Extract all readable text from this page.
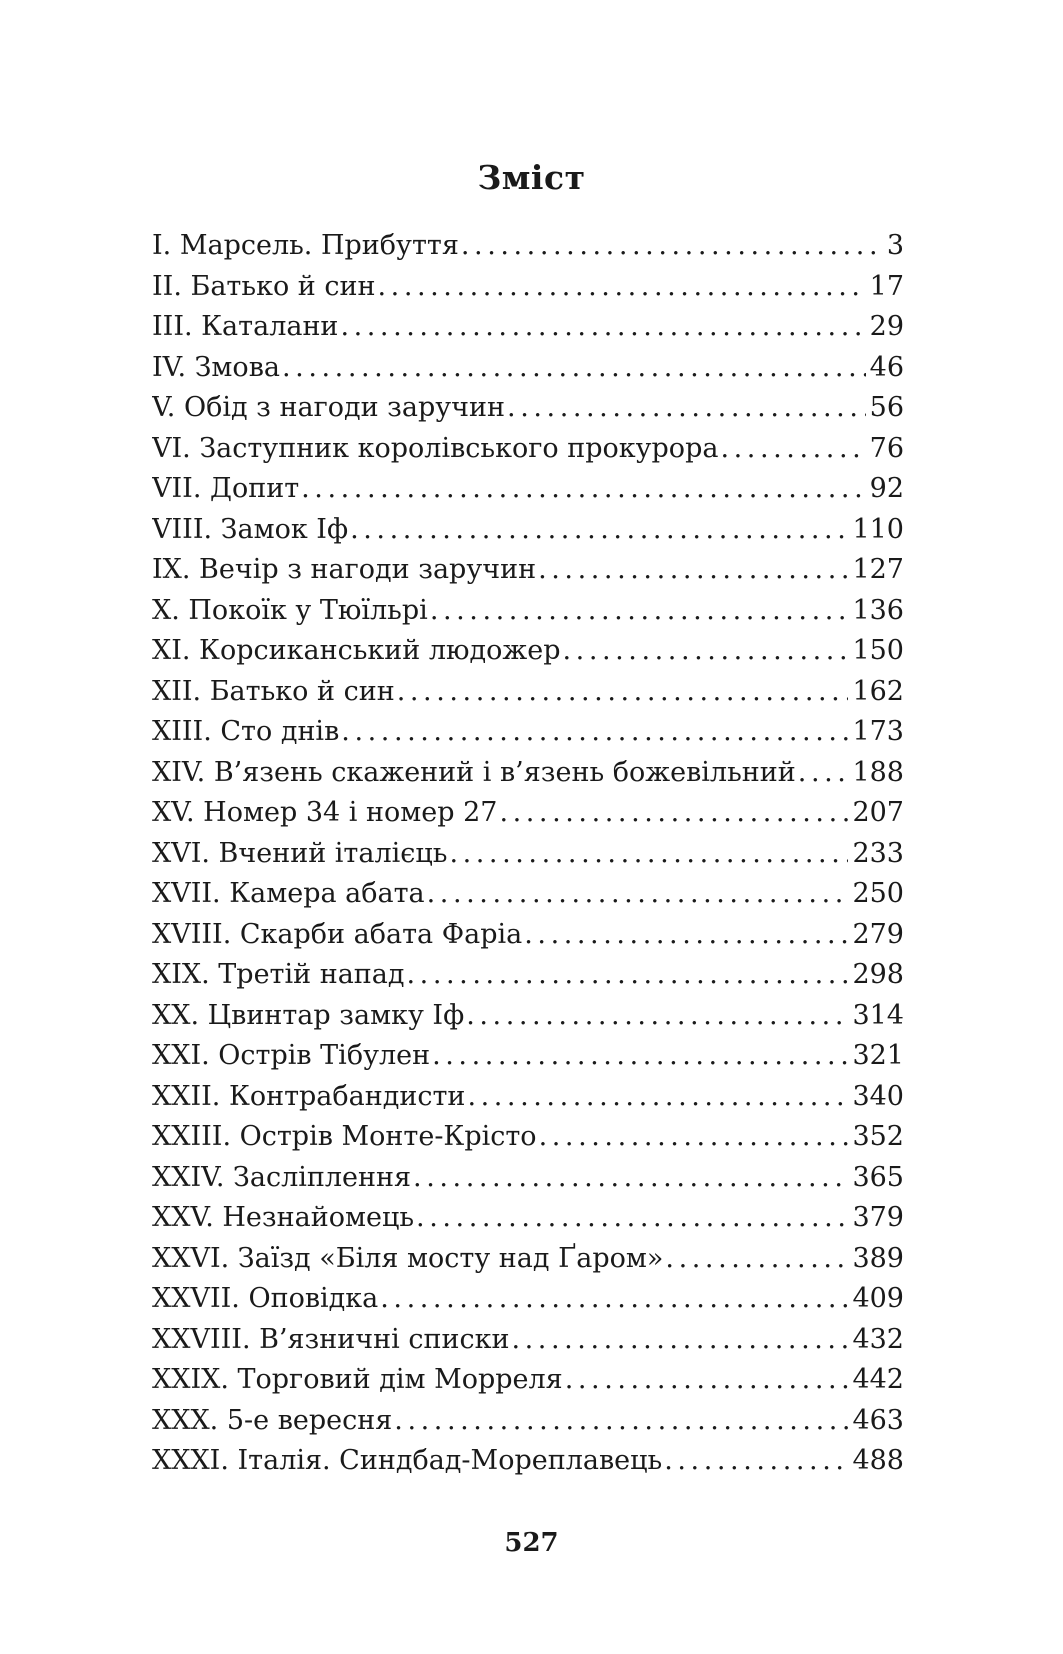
Зміст
I. Марсель. Прибуття . . .	3
II. Батько й син . . .	17
III. Каталани . . .	29
IV. Змова . . .	46
V. Обід з нагоди заручин . . .	56
VI. Заступник королівського прокурора . . .	76
VII. Допит . . .	92
VIII. Замок Іф . . .	110
IX. Вечір з нагоди заручин . . .	127
X. Покоїк у Тюїльрі . . .	136
XI. Корсиканський людожер . . .	150
XII. Батько й син . . .	162
XIII. Сто днів . . .	173
XIV. В’язень скажений і в’язень божевільний . . . 188
XV. Номер 34 і номер 27 . . .	207
XVI. Вчений італієць . . .	233
XVII. Камера абата . . .	250
XVIII. Скарби абата Фаріа . . .	279
XIX. Третій напад . . .	298
XX. Цвинтар замку Іф . . .	314
XXI. Острів Тібулен . . .	321
XXII. Контрабандисти . . .	340
XXIII. Острів Монте-Крісто . . .	352
XXIV. Засліплення . . .	365
XXV. Незнайомець . . .	379
XXVI. Заїзд «Біля мосту над Ґаром» . . .	389
XXVII. Оповідка . . .	409
XXVIII. В’язничні списки . . .	432
XXIX. Торговий дім Морреля . . .	442
XXX. 5-е вересня . . .	463
XXXI. Італія. Синдбад-Мореплавець . . .	488
527
